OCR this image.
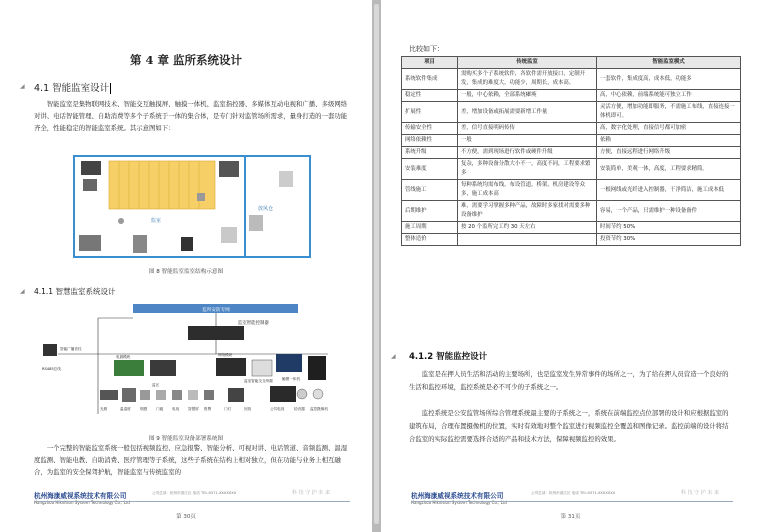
第 4 章 监所系统设计
◢ 4.1 智能监室设计
智能监室是集物联网技术、智能交互触摸屏、触摸一体机、监室指控器、多媒体互动电视和广播、多级网络对讲、电话智能管理、自助消费等多个子系统于一体的集合体，是专门针对监管场所需求，量身打造的一套功能齐全，性能稳定的智能监室系统。其示意图如下：
监室
放风仓
图 8 智能监室监室结构示意图
◢ 4.1.1 智慧监室系统设计
监所安防专网
监室智能控制器
智能广播音柱
电源模块	网络模块
RS485总线
光照	温湿度	烟感 门磁 电视 智慧屏
监室智能交互终端	触摸一体机
拾音器 监控摄像机
报警	门灯
监区
公共电视
回放
图 9 智能监室设备部署系统图
一个完整的智能监室系统一般包括视频监控、应急报警、智能分析、可视对讲、电话管道、音频监测、温湿度监测、智能电教、自助消费、医疗管理等子系统，这些子系统在结构上相对独立，但在功能与业务上相互融合，为监室的安全保驾护航，智能监室与传统监室的
杭州海康威视系统技术有限公司
Hangzhou Hikvision System Technology Co., Ltd
公司总部：杭州市滨江区 电话 TEL:0571-XXXXXXX	科 技 守 护 未 来
第 30页
比较如下：
项目	传统监室	智能监室模式
系统软件集成	需购买多个子系统软件，各软件需开放接口，定制开发，集成的难度大，功能少，周期长，成本高。	一套软件，集成度高，成本低，功能多
稳定性	一般，中心依赖，全部系统瘫痪	高，中心依赖，前端系统能可独立工作
扩展性	差，增加设备或拓展需要新增工作量	灵活方便，增加功能即服务，不需施工布线，直接连接一体机即可。
传输安全性	差，信号直接明码传传	高，数字化处理，直接信号都可加密
网络依赖性	一般	依赖
系统升级	不方便，需到现场进行软件或硬件升级	方便，直接远程进行网络升级
安装难度	复杂，多种设备分散大小不一，高度不同，工程要求繁多	安装简单，美观一体，高度，工程要求精简。
管线施工	每种系统均需布线，布设管道，桥架，机房建设等众多，施工成本高	一根网线或光纤进入控制器，干净简洁，施工成本低
后期维护	难，需要学习掌握多种产品，故障时多家找对需要多种设备维护	容易，一个产品，只需维护一种设备备件
施工周期	按 20 个监所完工约 30 天左右	时间节约 50%
整体造价		投资节约 30%
◢ 4.1.2 智能监控设计
监室是在押人员生活和活动的主要场所，也是监室发生异常事件的场所之一，为了给在押人员营造一个良好的生活和监控环境，监控系统是必不可少的子系统之一。
监控系统是公安监管场所综合管理系统最主要的子系统之一，系统在前端监控点位部署的设计和应根据监室的建筑布局，合理布置摄像机的位置，实时有效地对整个监室进行视频监控全覆盖和图像记录。监控前端的设计将结合监室的实际监控需要选择合适的产品和技术方法，保障视频监控的效果。
杭州海康威视系统技术有限公司
Hangzhou Hikvision System Technology Co., Ltd
公司总部：杭州市滨江区 电话 TEL:0571-XXXXXXX	科 技 守 护 未 来
第 31页
